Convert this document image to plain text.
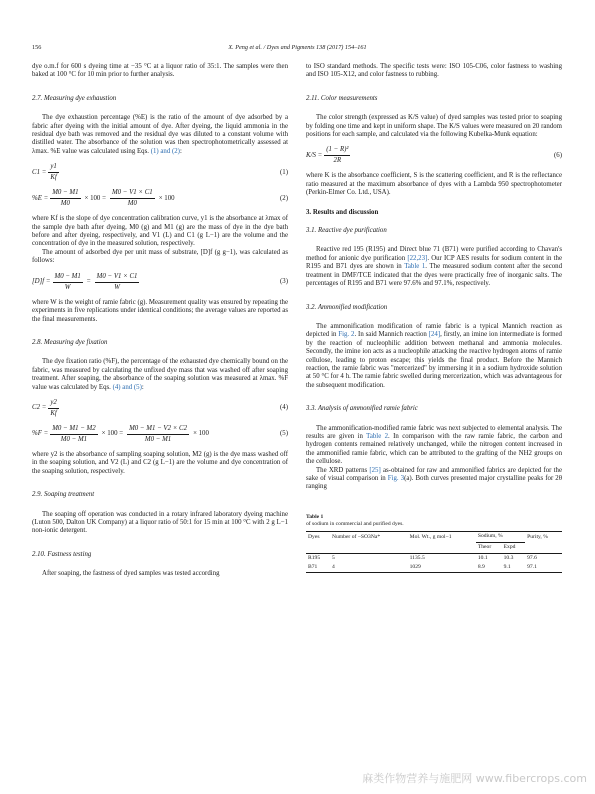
156	X. Peng et al. / Dyes and Pigments 138 (2017) 154–161

dye o.m.f for 600 s dyeing time at −35 °C at a liquor ratio of 35:1. The samples were then baked at 100 °C for 10 min prior to further analysis.

2.7. Measuring dye exhaustion

The dye exhaustion percentage (%E) is the ratio of the amount of dye adsorbed by a fabric after dyeing with the initial amount of dye. After dyeing, the liquid ammonia in the residual dye bath was removed and the residual dye was diluted to a constant volume with distilled water. The absorbance of the solution was then spectrophotometrically assessed at λmax. %E value was calculated using Eqs. (1) and (2):

$C1 = \frac{y1}{Kf}$	(1)
$\%E = \frac{M0 - M1}{M0} \times 100 = \frac{M0 - V1 \times C1}{M0} \times 100$	(2)

where Kf is the slope of dye concentration calibration curve, y1 is the absorbance at λmax of the sample dye bath after dyeing, M0 (g) and M1 (g) are the mass of dye in the dye bath before and after dyeing, respectively, and V1 (L) and C1 (g L−1) are the volume and the concentration of dye in the measured solution, respectively.

The amount of adsorbed dye per unit mass of substrate, [D]f (g g−1), was calculated as follows:

$[D]f = \frac{M0 - M1}{W} = \frac{M0 - V1 \times C1}{W}$	(3)

where W is the weight of ramie fabric (g). Measurement quality was ensured by repeating the experiments in five replications under identical conditions; the average values are reported as the final measurements.

2.8. Measuring dye fixation

The dye fixation ratio (%F), the percentage of the exhausted dye chemically bound on the fabric, was measured by calculating the unfixed dye mass that was washed off after soaping treatment. After soaping, the absorbance of the soaping solution was measured at λmax. %F value was calculated by Eqs. (4) and (5):

$C2 = \frac{y2}{Kf}$	(4)
$\%F = \frac{M0 - M1 - M2}{M0 - M1} \times 100 = \frac{M0 - M1 - V2 \times C2}{M0 - M1} \times 100$	(5)

where y2 is the absorbance of sampling soaping solution, M2 (g) is the dye mass washed off in the soaping solution, and V2 (L) and C2 (g L−1) are the volume and dye concentration of the soaping solution, respectively.

2.9. Soaping treatment

The soaping off operation was conducted in a rotary infrared laboratory dyeing machine (Luton 500, Dalton UK Company) at a liquor ratio of 50:1 for 15 min at 100 °C with 2 g L−1 non-ionic detergent.

2.10. Fastness testing

After soaping, the fastness of dyed samples was tested according

to ISO standard methods. The specific tests were: ISO 105-C06, color fastness to washing and ISO 105-X12, and color fastness to rubbing.

2.11. Color measurements

The color strength (expressed as K/S value) of dyed samples was tested prior to soaping by folding one time and kept in uniform shape. The K/S values were measured on 20 random positions for each sample, and calculated via the following Kubelka-Munk equation:

$K/S = \frac{\text{(1 − R)²}}{2R}$	(6)

where K is the absorbance coefficient, S is the scattering coefficient, and R is the reflectance ratio measured at the maximum absorbance of dyes with a Lambda 950 spectrophotometer (Perkin-Elmer Co. Ltd., USA).

3. Results and discussion
3.1. Reactive dye purification

Reactive red 195 (R195) and Direct blue 71 (B71) were purified according to Chavan's method for anionic dye purification [22,23]. Our ICP AES results for sodium content in the R195 and B71 dyes are shown in Table 1. The measured sodium content after the second treatment in DMF/TCE indicated that the dyes were practically free of inorganic salts. The percentages of R195 and B71 were 97.6% and 97.1%, respectively.

3.2. Ammonified modification

The ammonification modification of ramie fabric is a typical Mannich reaction as depicted in Fig. 2. In said Mannich reaction [24], firstly, an imine ion intermediate is formed by the reaction of nucleophilic addition between methanal and ammonia molecules. Secondly, the imine ion acts as a nucleophile attacking the reactive hydrogen atoms of ramie cellulose, leading to proton escape; this yields the final product. Before the Mannich reaction, the ramie fabric was "mercerized" by immersing it in a sodium hydroxide solution at 50 °C for 4 h. The ramie fabric swelled during mercerization, which was advantageous for the subsequent modification.

3.3. Analysis of ammonified ramie fabric

The ammonification-modified ramie fabric was next subjected to elemental analysis. The results are given in Table 2. In comparison with the raw ramie fabric, the carbon and hydrogen contents remained relatively unchanged, while the nitrogen content increased in the ammonified ramie fabric, which can be attributed to the grafting of the NH2 groups on the cellulose.

The XRD patterns [25] as-obtained for raw and ammonified fabrics are depicted for the sake of visual comparison in Fig. 3(a). Both curves presented major crystalline peaks for 2θ ranging

Table 1
of sodium in commercial and purified dyes.
Dyes	Number of −SO3Na*	Mol. Wt., g mol−1	Sodium, %		Purity, %
			Theor	Expd	
R195	5	1135.5	10.1	10.3	97.6
B71	4	1029	8.9	9.1	97.1
麻类作物营养与施肥网 www.fibercrops.com
